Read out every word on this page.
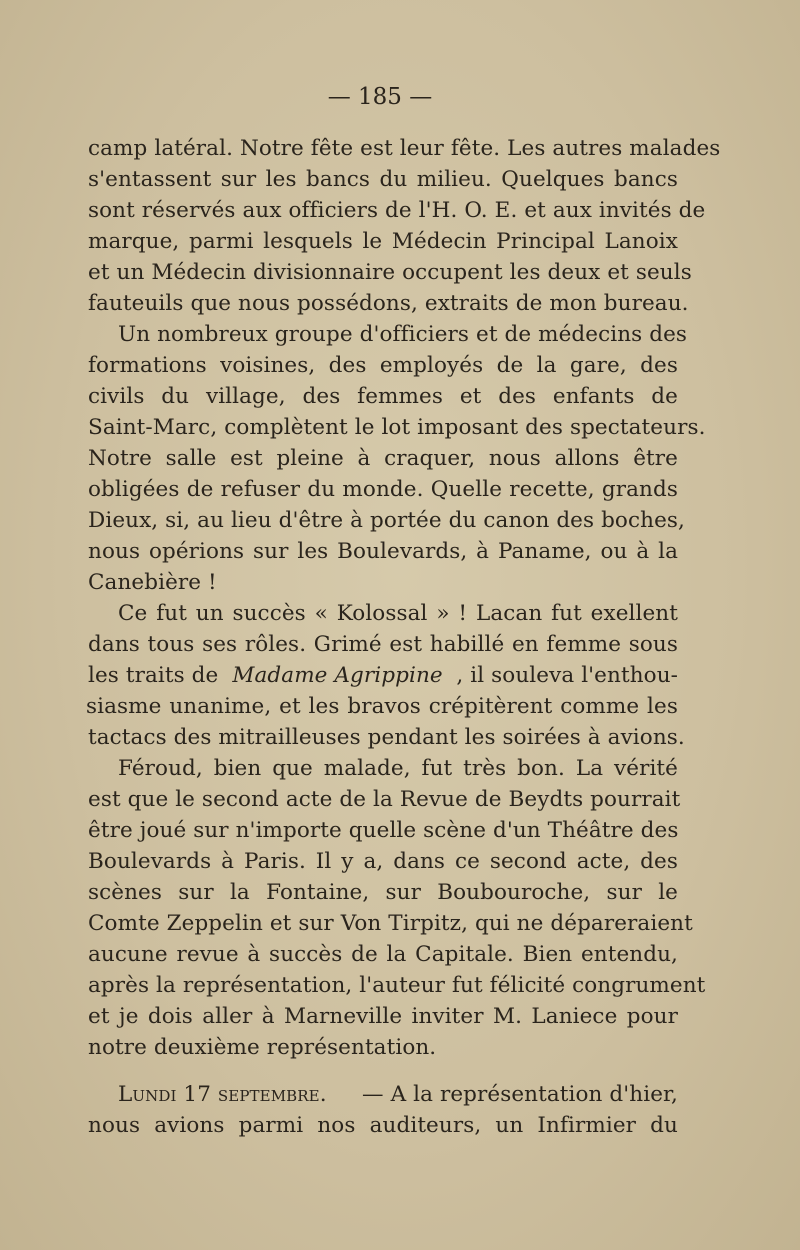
— 185 —
camp latéral. Notre fête est leur fête. Les autres malades
s'entassent sur les bancs du milieu. Quelques bancs
sont réservés aux officiers de l'H. O. E. et aux invités de
marque, parmi lesquels le Médecin Principal Lanoix
et un Médecin divisionnaire occupent les deux et seuls
fauteuils que nous possédons, extraits de mon bureau.
Un nombreux groupe d'officiers et de médecins des
formations voisines, des employés de la gare, des
civils du village, des femmes et des enfants de
Saint-Marc, complètent le lot imposant des spectateurs.
Notre salle est pleine à craquer, nous allons être
obligées de refuser du monde. Quelle recette, grands
Dieux, si, au lieu d'être à portée du canon des boches,
nous opérions sur les Boulevards, à Paname, ou à la
Canebière !
Ce fut un succès « Kolossal » ! Lacan fut exellent
dans tous ses rôles. Grimé est habillé en femme sous
les traits de Madame Agrippine , il souleva l'enthou-
siasme unanime, et les bravos crépitèrent comme les
tactacs des mitrailleuses pendant les soirées à avions.
Féroud, bien que malade, fut très bon. La vérité
est que le second acte de la Revue de Beydts pourrait
être joué sur n'importe quelle scène d'un Théâtre des
Boulevards à Paris. Il y a, dans ce second acte, des
scènes sur la Fontaine, sur Boubouroche, sur le
Comte Zeppelin et sur Von Tirpitz, qui ne dépareraient
aucune revue à succès de la Capitale. Bien entendu,
après la représentation, l'auteur fut félicité congrument
et je dois aller à Marneville inviter M. Laniece pour
notre deuxième représentation.
Lundi 17 septembre.	— A la représentation d'hier,
nous avions parmi nos auditeurs, un Infirmier du
